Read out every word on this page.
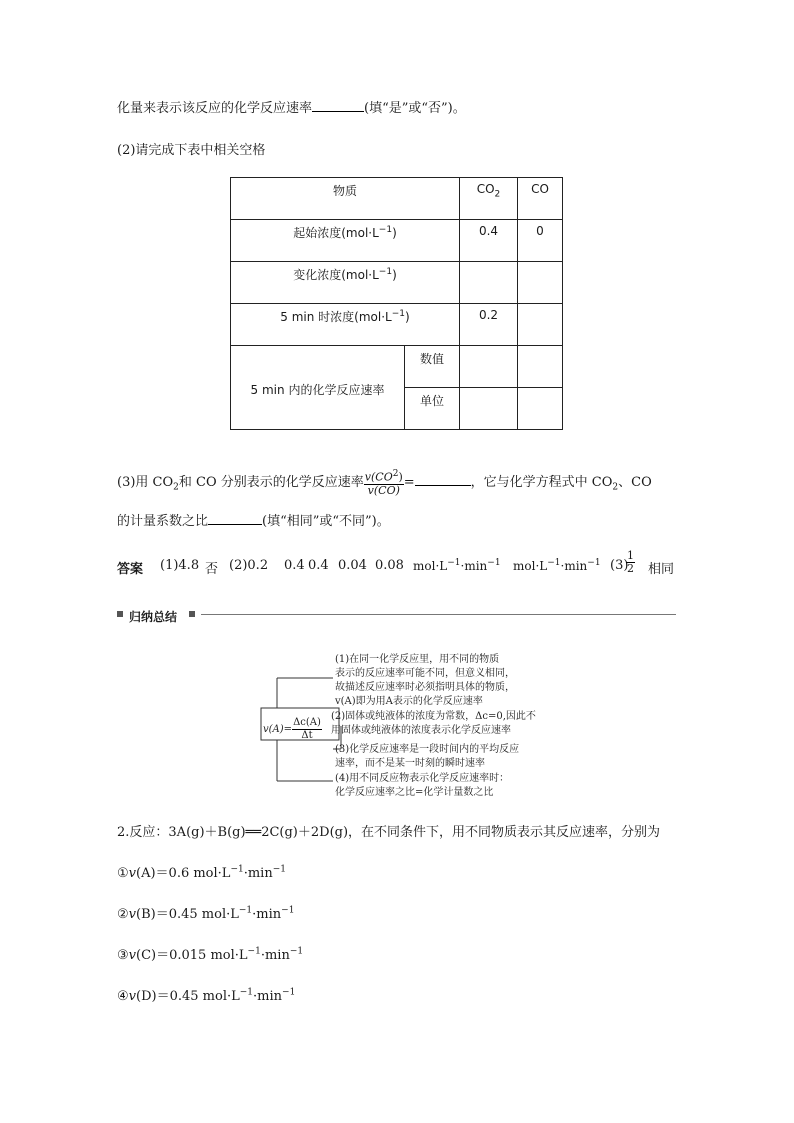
化量来表示该反应的化学反应速率	(填“是”或“否”)。
(2)请完成下表中相关空格
物质		$CO_2$	CO
起始浓度$(mol\cdot L^{-1})$		0.4	0
变化浓度$(mol\cdot L^{-1})$			
5 min 时浓度$(mol\cdot L^{-1})$		0.2	
5 min 内的化学反应速率	数值		
	单位		
(3)用 $CO_2$和 CO 分别表示的化学反应速率 $\frac{v(CO^2)}{v(CO)}$ =	，它与化学方程式中 $CO_2$、CO
的计量系数之比	(填“相同”或“不同”)。
答案 (1)4.8 否 (2)0.2 0.4 0.4 0.04 0.08 $mol\cdot L^{-1}\cdot\min^{-1}$ $mol\cdot L^{-1}\cdot\min^{-1}$ (3)
$\frac{1}{2}$ 相同
归纳总结
$v(A)= \frac{\Delta c(A)}{\Delta t}$
(1)在同一化学反应里，用不同的物质
表示的反应速率可能不同，但意义相同，
故描述反应速率时必须指明具体的物质，
v(A)即为用A表示的化学反应速率
(2)固体或纯液体的浓度为常数，Δc=0,因此不
用固体或纯液体的浓度表示化学反应速率
(3)化学反应速率是一段时间内的平均反应
速率，而不是某一时刻的瞬时速率
(4)用不同反应物表示化学反应速率时：
化学反应速率之比=化学计量数之比
2.反应：3A(g)＋B(g)══2C(g)＋2D(g)，在不同条件下，用不同物质表示其反应速率，分别为
①v(A)＝0.6 $mol\cdot L^{-1}\cdot\min^{-1}$
②v(B)＝0.45 $mol\cdot L^{-1}\cdot\min^{-1}$
③v(C)＝0.015 $mol\cdot L^{-1}\cdot\min^{-1}$
④v(D)＝0.45 $mol\cdot L^{-1}\cdot\min^{-1}$
